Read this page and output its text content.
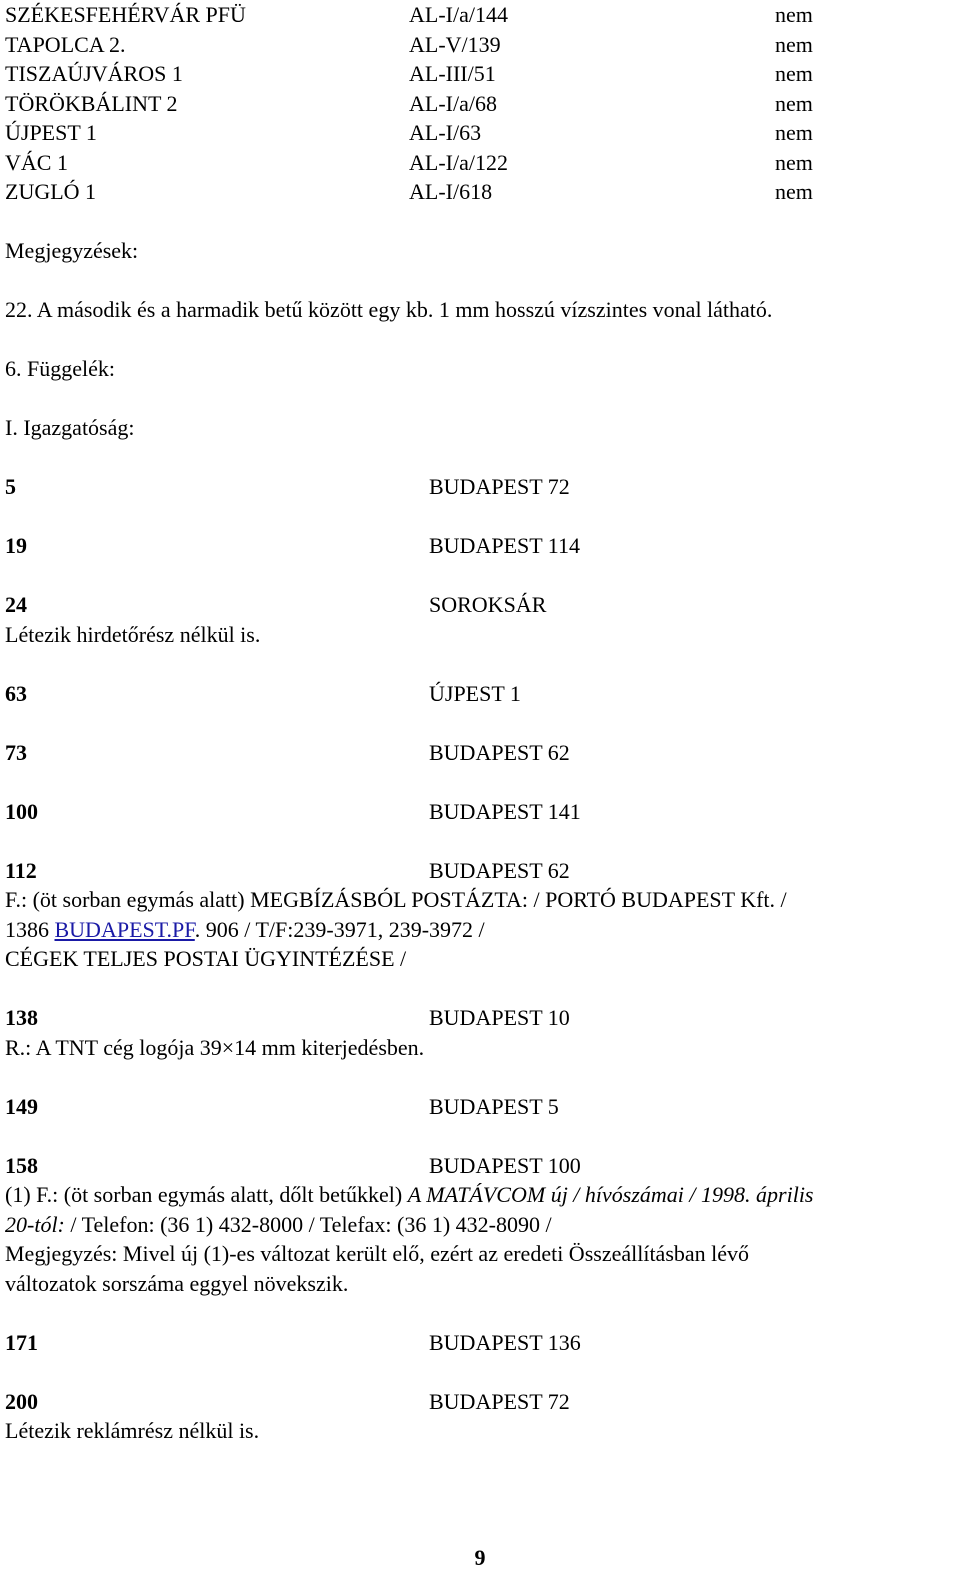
SZÉKESFEHÉRVÁR PFÜ	AL-I/a/144	nem
TAPOLCA 2.	AL-V/139	nem
TISZAÚJVÁROS 1	AL-III/51	nem
TÖRÖKBÁLINT 2	AL-I/a/68	nem
ÚJPEST 1	AL-I/63	nem
VÁC 1	AL-I/a/122	nem
ZUGLÓ 1	AL-I/618	nem
Megjegyzések:
22. A második és a harmadik betű között egy kb. 1 mm hosszú vízszintes vonal látható.
6. Függelék:
I. Igazgatóság:
5	BUDAPEST 72
19	BUDAPEST 114
24	SOROKSÁR
Létezik hirdetőrész nélkül is.
63	ÚJPEST 1
73	BUDAPEST 62
100	BUDAPEST 141
112	BUDAPEST 62
F.: (öt sorban egymás alatt) MEGBÍZÁSBÓL POSTÁZTA: / PORTÓ BUDAPEST Kft. /
1386 BUDAPEST.PF. 906 / T/F:239-3971, 239-3972 /
CÉGEK TELJES POSTAI ÜGYINTÉZÉSE /
138	BUDAPEST 10
R.: A TNT cég logója 39×14 mm kiterjedésben.
149	BUDAPEST 5
158	BUDAPEST 100
(1) F.: (öt sorban egymás alatt, dőlt betűkkel) A MATÁVCOM új / hívószámai / 1998. április
20-tól: / Telefon: (36 1) 432-8000 / Telefax: (36 1) 432-8090 /
Megjegyzés: Mivel új (1)-es változat került elő, ezért az eredeti Összeállításban lévő
változatok sorszáma eggyel növekszik.
171	BUDAPEST 136
200	BUDAPEST 72
Létezik reklámrész nélkül is.
9
